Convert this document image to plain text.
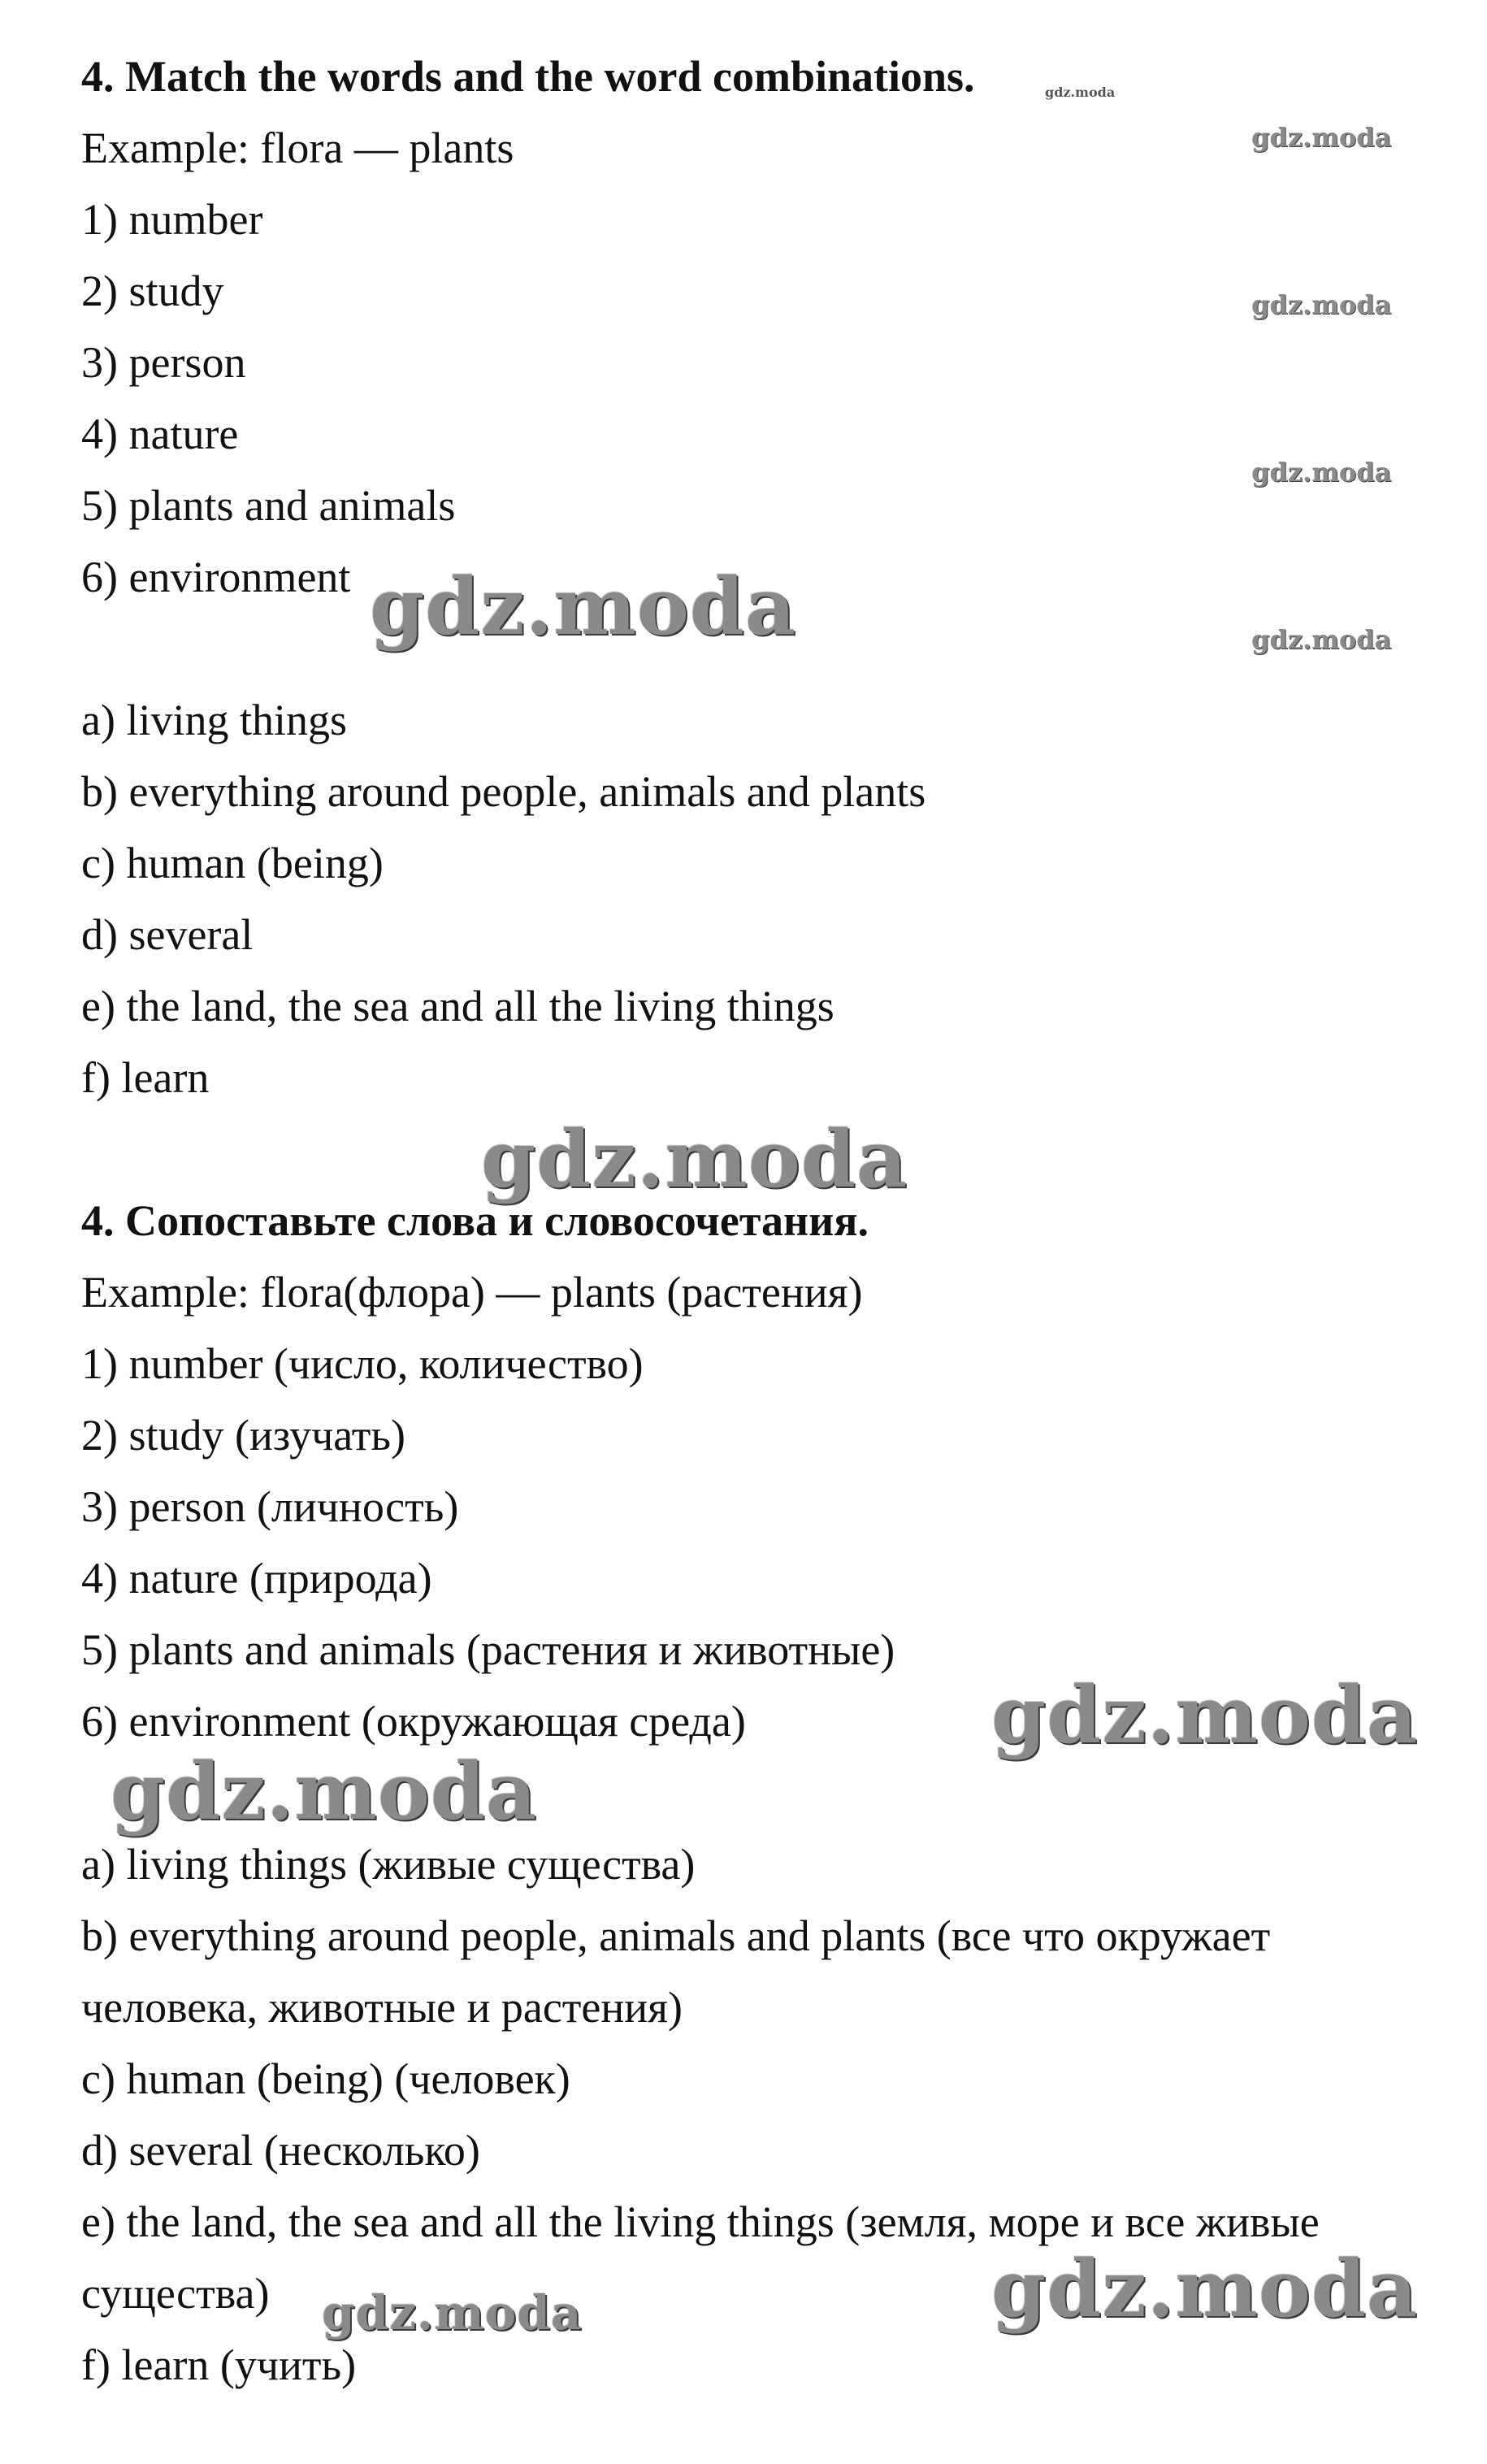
4. Match the words and the word combinations.
Example: flora — plants
1) number
2) study
3) person
4) nature
5) plants and animals
6) environment
a) living things
b) everything around people, animals and plants
c) human (being)
d) several
e) the land, the sea and all the living things
f) learn
4. Сопоставьте слова и словосочетания.
Example: flora(флора) — plants (растения)
1) number (число, количество)
2) study (изучать)
3) person (личность)
4) nature (природа)
5) plants and animals (растения и животные)
6) environment (окружающая среда)
a) living things (живые существа)
b) everything around people, animals and plants (все что окружает
человека, животные и растения)
c) human (being) (человек)
d) several (несколько)
e) the land, the sea and all the living things (земля, море и все живые
существа)
f) learn (учить)
gdz.moda
gdz.moda
gdz.moda
gdz.moda
gdz.moda
gdz.moda
gdz.moda
gdz.moda
gdz.moda
gdz.moda
gdz.moda
